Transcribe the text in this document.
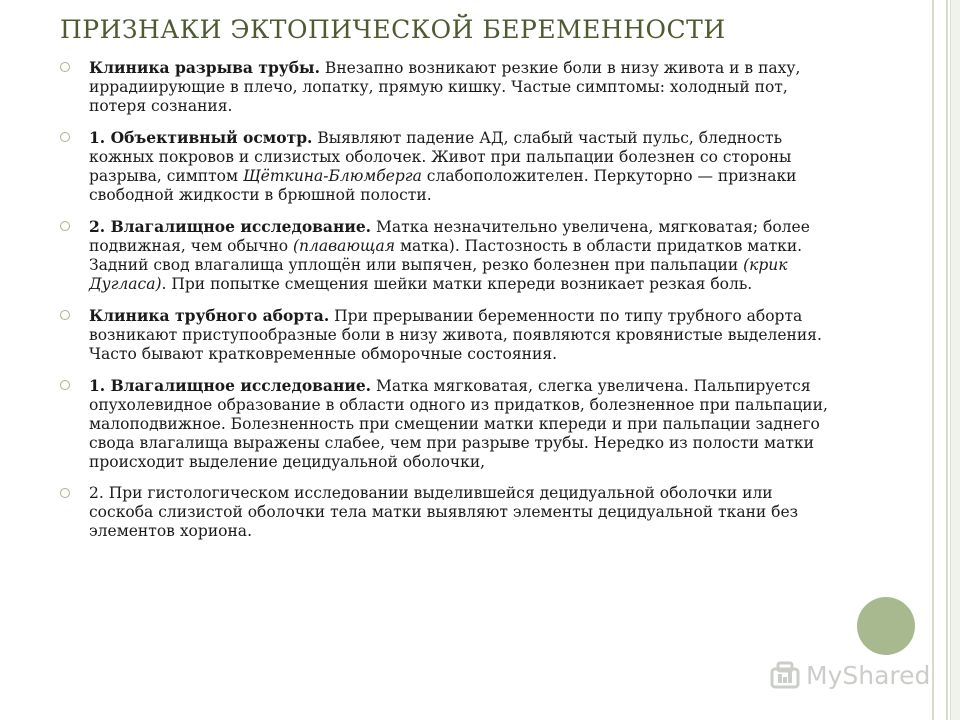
ПРИЗНАКИ ЭКТОПИЧЕСКОЙ БЕРЕМЕННОСТИ
Клиника разрыва трубы. Внезапно возникают резкие боли в низу живота и в паху, иррадиирующие в плечо, лопатку, прямую кишку. Частые симптомы: холодный пот, потеря сознания.
1. Объективный осмотр. Выявляют падение АД, слабый частый пульс, бледность кожных покровов и слизистых оболочек. Живот при пальпации болезнен со стороны разрыва, симптом Щёткина-Блюмберга слабоположителен. Перкуторно — признаки свободной жидкости в брюшной полости.
2. Влагалищное исследование. Матка незначительно увеличена, мягковатая; более подвижная, чем обычно (плавающая матка). Пастозность в области придатков матки. Задний свод влагалища уплощён или выпячен, резко болезнен при пальпации (крик Дугласа). При попытке смещения шейки матки кпереди возникает резкая боль.
Клиника трубного аборта. При прерывании беременности по типу трубного аборта возникают приступообразные боли в низу живота, появляются кровянистые выделения. Часто бывают кратковременные обморочные состояния.
1. Влагалищное исследование. Матка мягковатая, слегка увеличена. Пальпируется опухолевидное образование в области одного из придатков, болезненное при пальпации, малоподвижное. Болезненность при смещении матки кпереди и при пальпации заднего свода влагалища выражены слабее, чем при разрыве трубы. Нередко из полости матки происходит выделение децидуальной оболочки,
2. При гистологическом исследовании выделившейся децидуальной оболочки или соскоба слизистой оболочки тела матки выявляют элементы децидуальной ткани без элементов хориона.
MyShared
